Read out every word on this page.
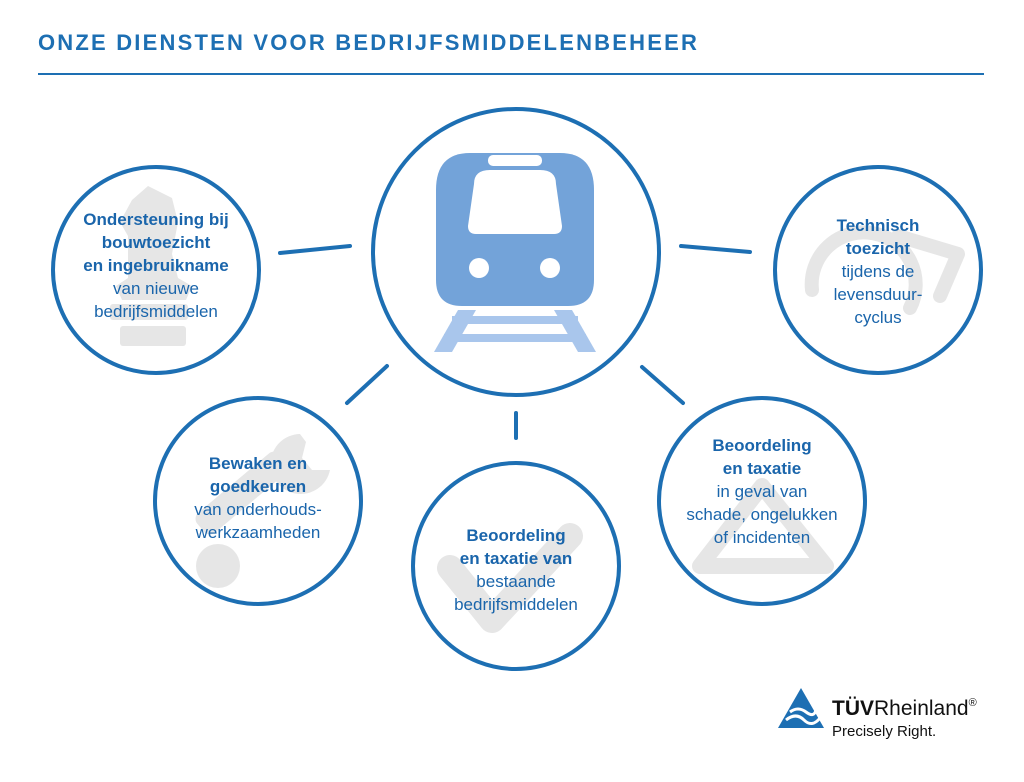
ONZE DIENSTEN VOOR BEDRIJFSMIDDELENBEHEER
Ondersteuning bij
bouwtoezicht
en ingebruikname
van nieuwe
bedrijfsmiddelen
Technisch
toezicht
tijdens de
levensduur-
cyclus
Bewaken en
goedkeuren
van onderhouds-
werkzaamheden	Beoordeling
en taxatie van
bestaande
bedrijfsmiddelen
Beoordeling
en taxatie
in geval van
schade, ongelukken
of incidenten
TÜVRheinland®
Precisely Right.
